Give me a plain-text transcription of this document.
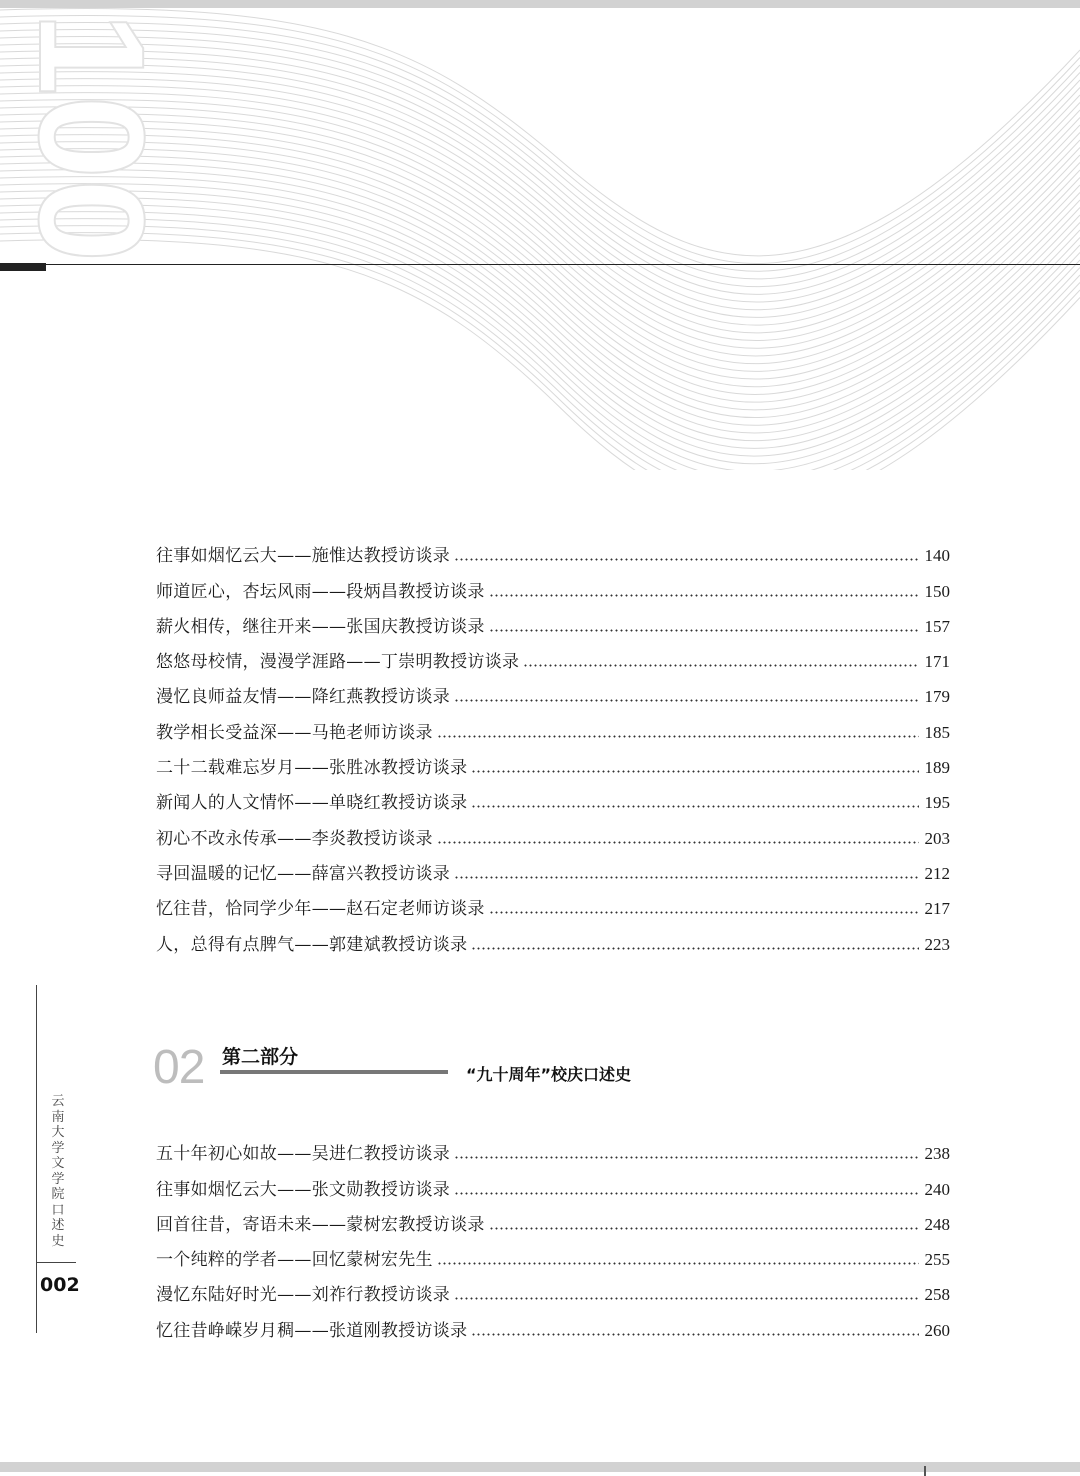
100
往事如烟忆云大——施惟达教授访谈录	140
师道匠心，杏坛风雨——段炳昌教授访谈录	150
薪火相传，继往开来——张国庆教授访谈录	157
悠悠母校情，漫漫学涯路——丁崇明教授访谈录	171
漫忆良师益友情——降红燕教授访谈录	179
教学相长受益深——马艳老师访谈录	185
二十二载难忘岁月——张胜冰教授访谈录	189
新闻人的人文情怀——单晓红教授访谈录	195
初心不改永传承——李炎教授访谈录	203
寻回温暖的记忆——薛富兴教授访谈录	212
忆往昔，恰同学少年——赵石定老师访谈录	217
人，总得有点脾气——郭建斌教授访谈录	223
02 第二部分
“九十周年”校庆口述史
五十年初心如故——吴进仁教授访谈录	238
往事如烟忆云大——张文勋教授访谈录	240
回首往昔，寄语未来——蒙树宏教授访谈录	248
一个纯粹的学者——回忆蒙树宏先生	255
漫忆东陆好时光——刘祚行教授访谈录	258
忆往昔峥嵘岁月稠——张道刚教授访谈录	260
云南大学文学院口述史
002
